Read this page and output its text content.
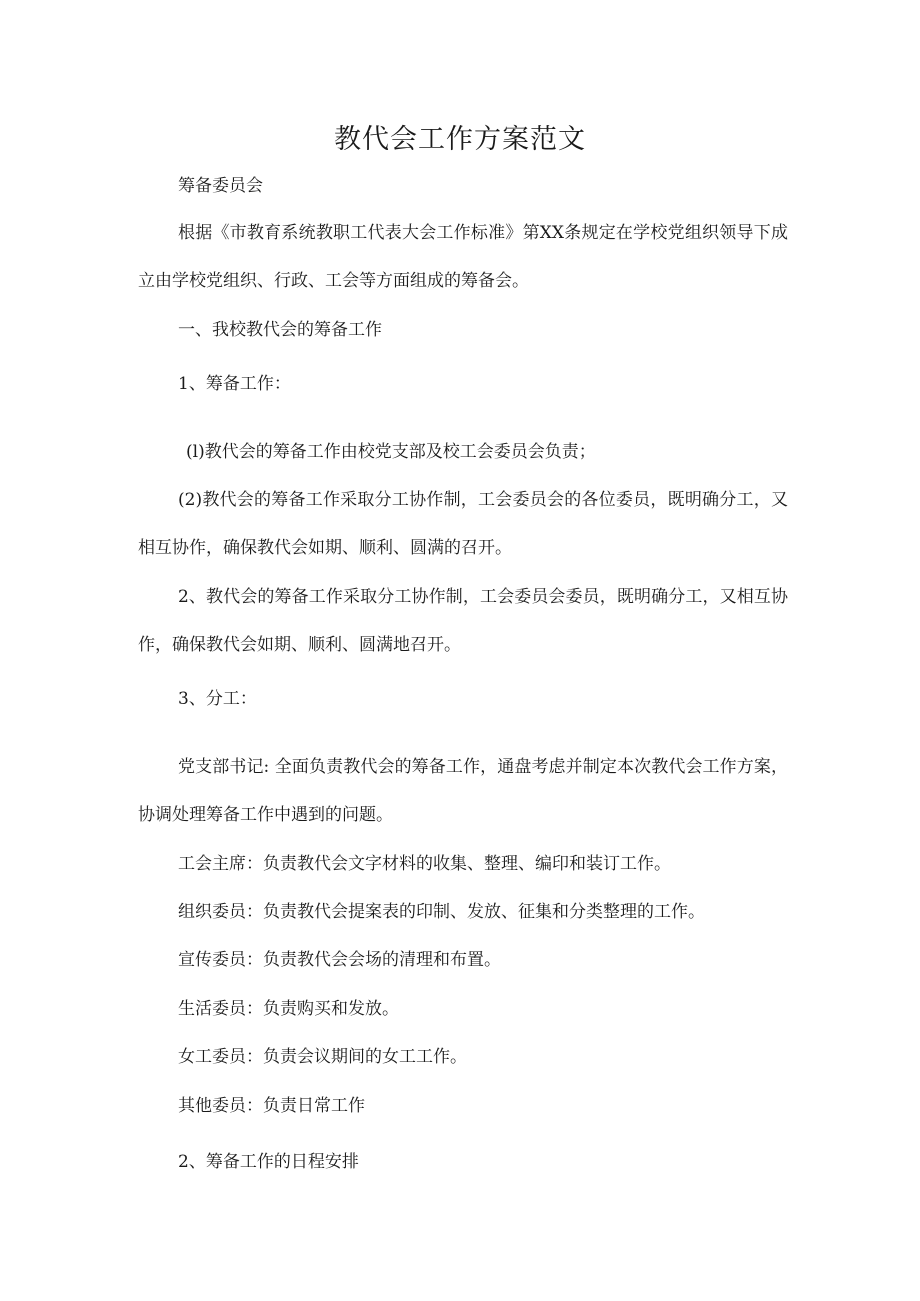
教代会工作方案范文
筹备委员会
根据《市教育系统教职工代表大会工作标准》第XX条规定在学校党组织领导下成立由学校党组织、行政、工会等方面组成的筹备会。
一、我校教代会的筹备工作
1、筹备工作：
(l)教代会的筹备工作由校党支部及校工会委员会负责；
(2)教代会的筹备工作采取分工协作制，工会委员会的各位委员，既明确分工，又相互协作，确保教代会如期、顺利、圆满的召开。
2、教代会的筹备工作采取分工协作制，工会委员会委员，既明确分工，又相互协作，确保教代会如期、顺利、圆满地召开。
3、分工：
党支部书记: 全面负责教代会的筹备工作，通盘考虑并制定本次教代会工作方案，协调处理筹备工作中遇到的问题。
工会主席：负责教代会文字材料的收集、整理、编印和装订工作。
组织委员：负责教代会提案表的印制、发放、征集和分类整理的工作。
宣传委员：负责教代会会场的清理和布置。
生活委员：负责购买和发放。
女工委员：负责会议期间的女工工作。
其他委员：负责日常工作
2、筹备工作的日程安排
